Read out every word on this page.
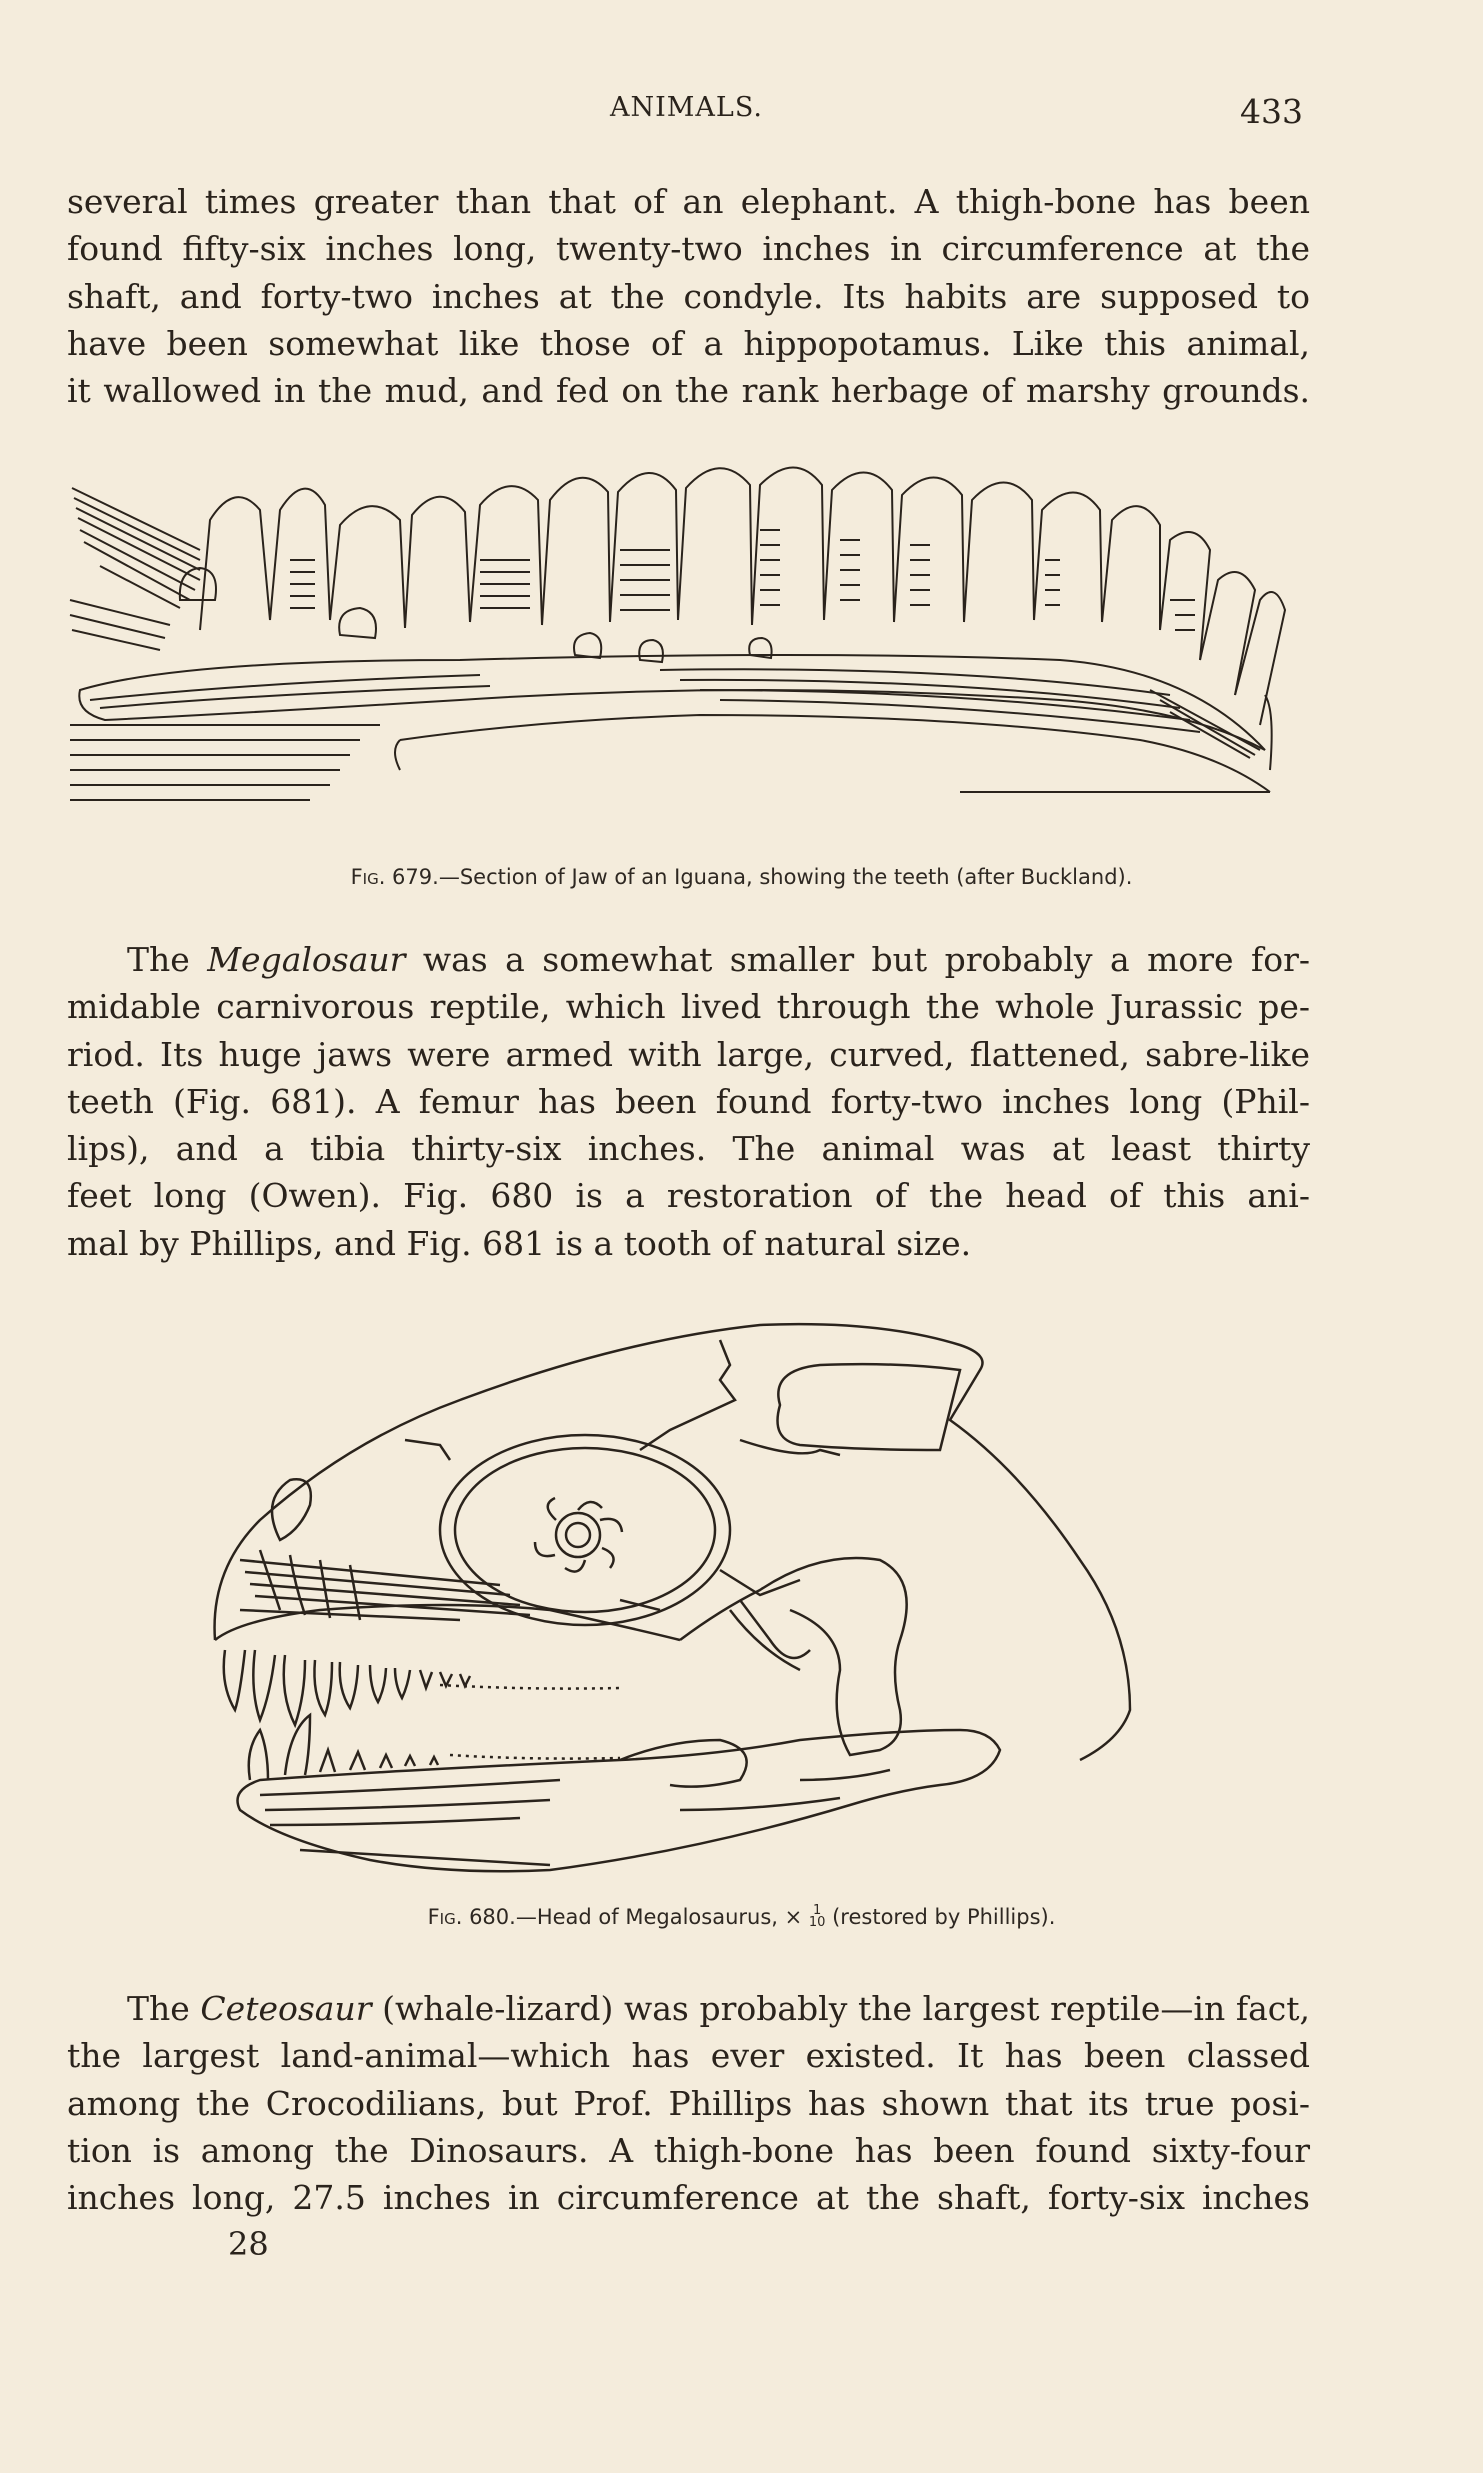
ANIMALS.	433
several times greater than that of an elephant. A thigh-bone has been
found fifty-six inches long, twenty-two inches in circumference at the
shaft, and forty-two inches at the condyle. Its habits are supposed to
have been somewhat like those of a hippopotamus. Like this animal,
it wallowed in the mud, and fed on the rank herbage of marshy grounds.
Fig. 679.—Section of Jaw of an Iguana, showing the teeth (after Buckland).
The Megalosaur was a somewhat smaller but probably a more for-
midable carnivorous reptile, which lived through the whole Jurassic pe-
riod. Its huge jaws were armed with large, curved, flattened, sabre-like
teeth (Fig. 681). A femur has been found forty-two inches long (Phil-
lips), and a tibia thirty-six inches. The animal was at least thirty
feet long (Owen). Fig. 680 is a restoration of the head of this ani-
mal by Phillips, and Fig. 681 is a tooth of natural size.
Fig. 680.—Head of Megalosaurus, × 1
10 (restored by Phillips).
The Ceteosaur (whale-lizard) was probably the largest reptile—in fact,
the largest land-animal—which has ever existed. It has been classed
among the Crocodilians, but Prof. Phillips has shown that its true posi-
tion is among the Dinosaurs. A thigh-bone has been found sixty-four
inches long, 27.5 inches in circumference at the shaft, forty-six inches
28
